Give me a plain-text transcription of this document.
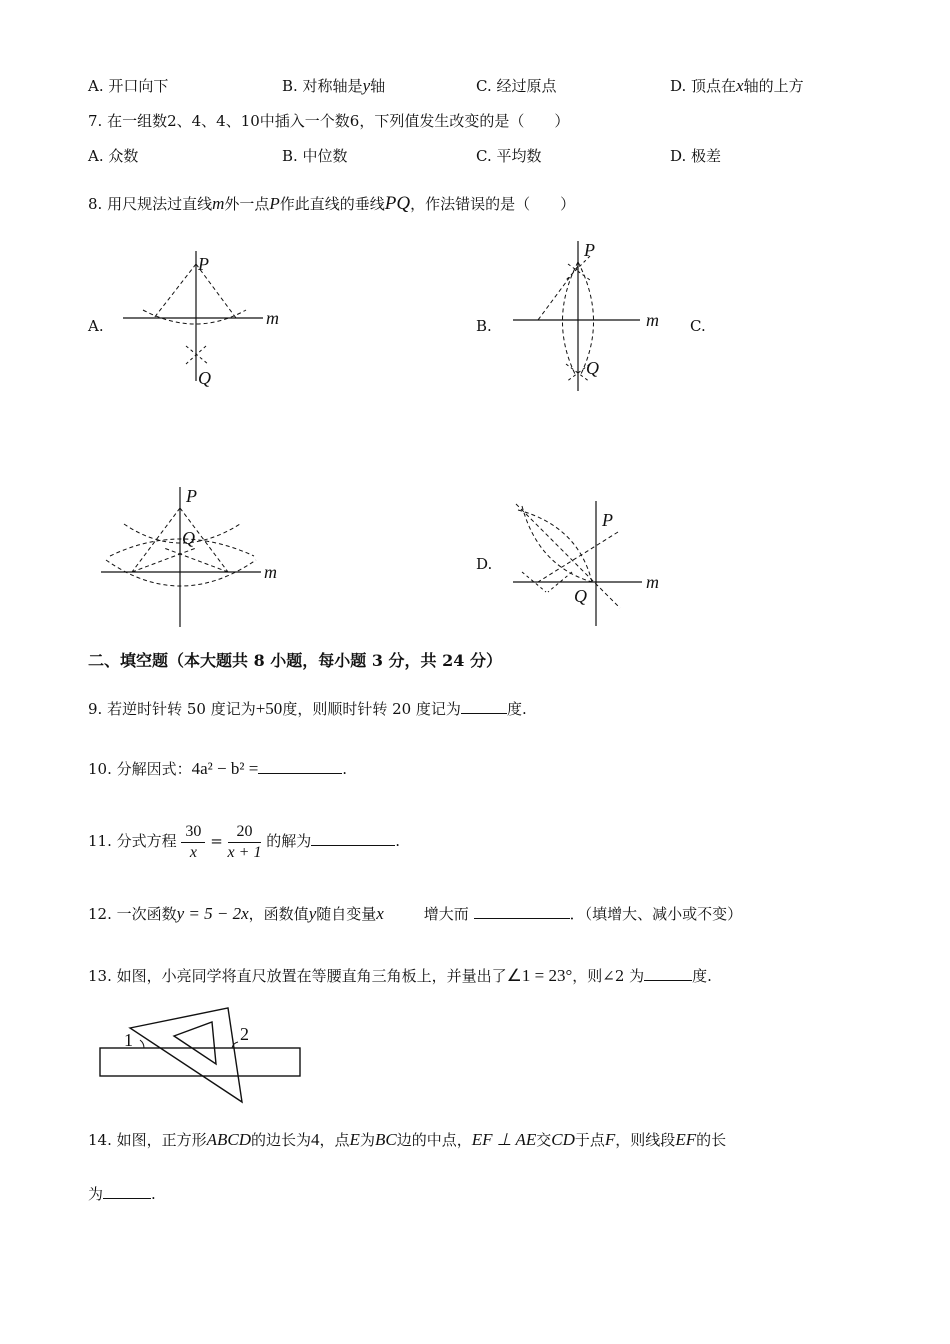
A. 开口向下	B. 对称轴是y轴	C. 经过原点	D. 顶点在x轴的上方
7. 在一组数2、4、4、10中插入一个数6，下列值发生改变的是（　　）
A. 众数	B. 中位数	C. 平均数	D. 极差
8. 用尺规法过直线m外一点P作此直线的垂线PQ，作法错误的是（　　）
A.	B.	C.
D.
P
m
Q
P
m
Q
P
Q
m
P
m
Q
二、填空题（本大题共 8 小题，每小题 3 分，共 24 分）
9. 若逆时针转 50 度记为+50度，则顺时针转 20 度记为	度.
10. 分解因式：4a² − b² =	.
11. 分式方程 $\frac{30}{x} = \frac{20}{x + 1}$ 的解为	.
12. 一次函数y = 5 − 2x，函数值y随自变量x	增大而	．（填增大、减小或不变）
13. 如图，小亮同学将直尺放置在等腰直角三角板上，并量出了∠1 = 23°，则∠2 为	度.
1	2
14. 如图，正方形ABCD的边长为4，点E为BC边的中点，EF ⊥ AE交CD于点F，则线段EF的长
为	.
